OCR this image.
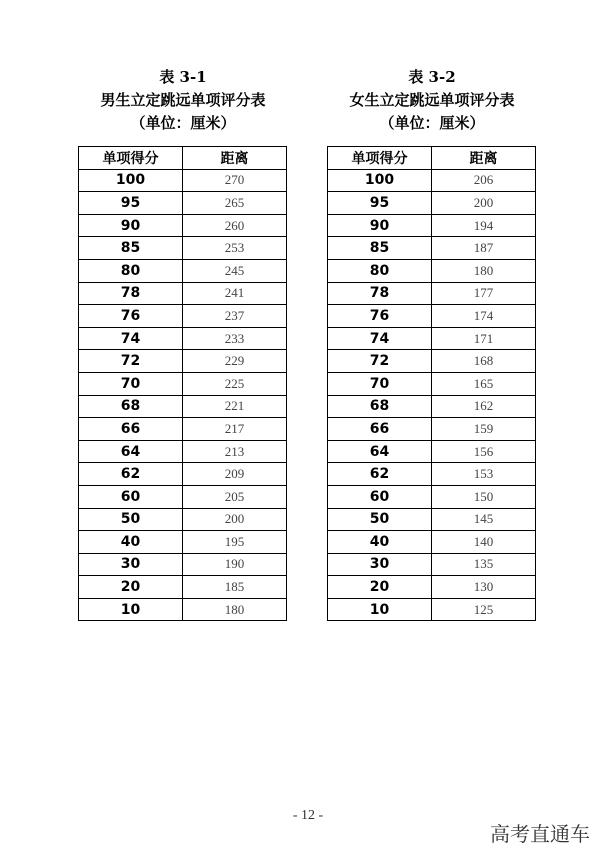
表 3-1
男生立定跳远单项评分表
（单位：厘米）
单项得分	距离
100	270
95	265
90	260
85	253
80	245
78	241
76	237
74	233
72	229
70	225
68	221
66	217
64	213
62	209
60	205
50	200
40	195
30	190
20	185
10	180
表 3-2
女生立定跳远单项评分表
（单位：厘米）
单项得分	距离
100	206
95	200
90	194
85	187
80	180
78	177
76	174
74	171
72	168
70	165
68	162
66	159
64	156
62	153
60	150
50	145
40	140
30	135
20	130
10	125
- 12 -
高考直通车
